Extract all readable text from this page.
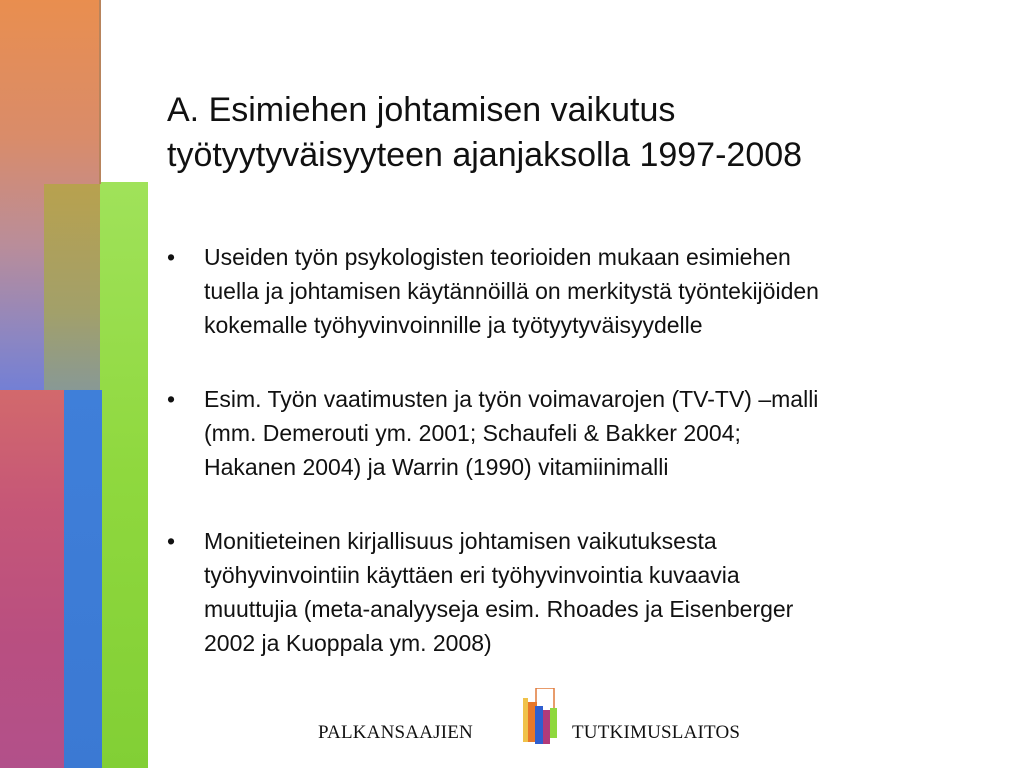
A. Esimiehen johtamisen vaikutus
työtyytyväisyyteen ajanjaksolla 1997-2008
• Useiden työn psykologisten teorioiden mukaan esimiehen
tuella ja johtamisen käytännöillä on merkitystä työntekijöiden
kokemalle työhyvinvoinnille ja työtyytyväisyydelle
• Esim. Työn vaatimusten ja työn voimavarojen (TV-TV) –malli
(mm. Demerouti ym. 2001; Schaufeli & Bakker 2004;
Hakanen 2004) ja Warrin (1990) vitamiinimalli
• Monitieteinen kirjallisuus johtamisen vaikutuksesta
työhyvinvointiin käyttäen eri työhyvinvointia kuvaavia
muuttujia (meta-analyyseja esim. Rhoades ja Eisenberger
2002 ja Kuoppala ym. 2008)
PALKANSAAJIEN	TUTKIMUSLAITOS
